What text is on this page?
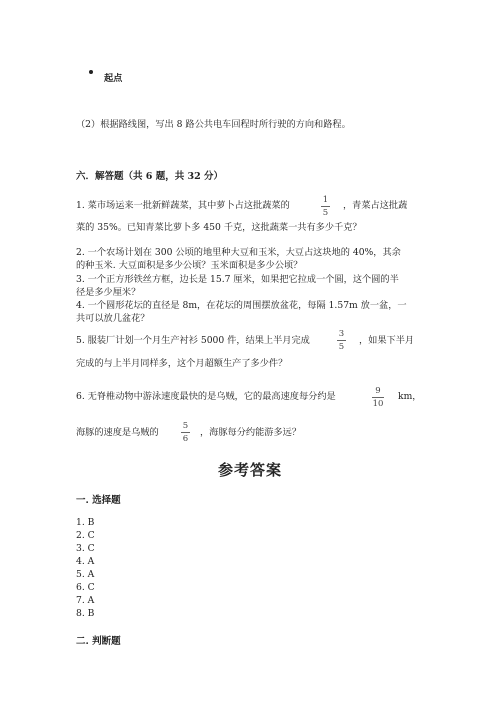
起点
（2）根据路线图，写出 8 路公共电车回程时所行驶的方向和路程。
六．解答题（共 6 题，共 32 分）
1. 菜市场运来一批新鲜蔬菜，其中萝卜占这批蔬菜的	1
5
，青菜占这批蔬
菜的 35%。已知青菜比萝卜多 450 千克，这批蔬菜一共有多少千克？
2. 一个农场计划在 300 公顷的地里种大豆和玉米，大豆占这块地的 40%，其余
的种玉米. 大豆面积是多少公顷？玉米面积是多少公顷？
3. 一个正方形铁丝方框，边长是 15.7 厘米，如果把它拉成一个圆，这个圆的半
径是多少厘米？
4. 一个圆形花坛的直径是 8m，在花坛的周围摆放盆花，每隔 1.57m 放一盆，一
共可以放几盆花？
5. 服装厂计划一个月生产衬衫 5000 件，结果上半月完成
3
5
，如果下半月
完成的与上半月同样多，这个月超额生产了多少件？
6. 无脊椎动物中游泳速度最快的是乌贼，它的最高速度每分约是	9
10
km，
海豚的速度是乌贼的
5
6
，海豚每分约能游多远？
参考答案
一. 选择题
1. B
2. C
3. C
4. A
5. A
6. C
7. A
8. B
二. 判断题
